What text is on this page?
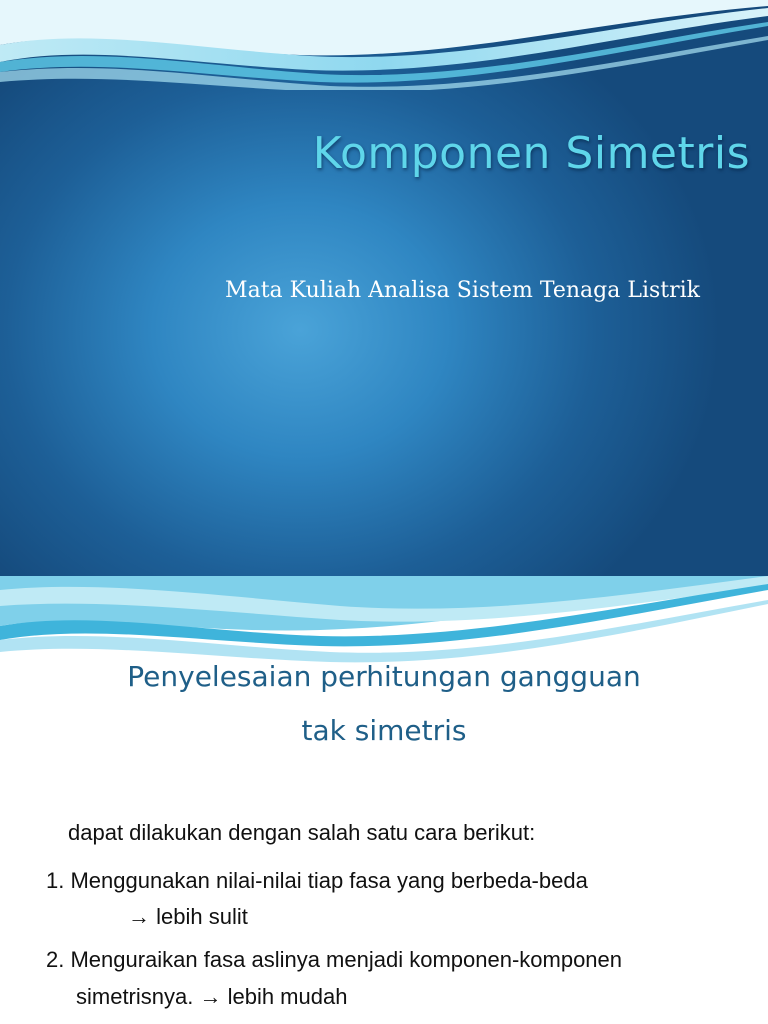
Komponen Simetris
Mata Kuliah Analisa Sistem Tenaga Listrik
Penyelesaian perhitungan gangguan
tak simetris
dapat dilakukan dengan salah satu cara berikut:
1. Menggunakan nilai-nilai tiap fasa yang berbeda-beda
→ lebih sulit
2. Menguraikan fasa aslinya menjadi komponen-komponen
simetrisnya. → lebih mudah
